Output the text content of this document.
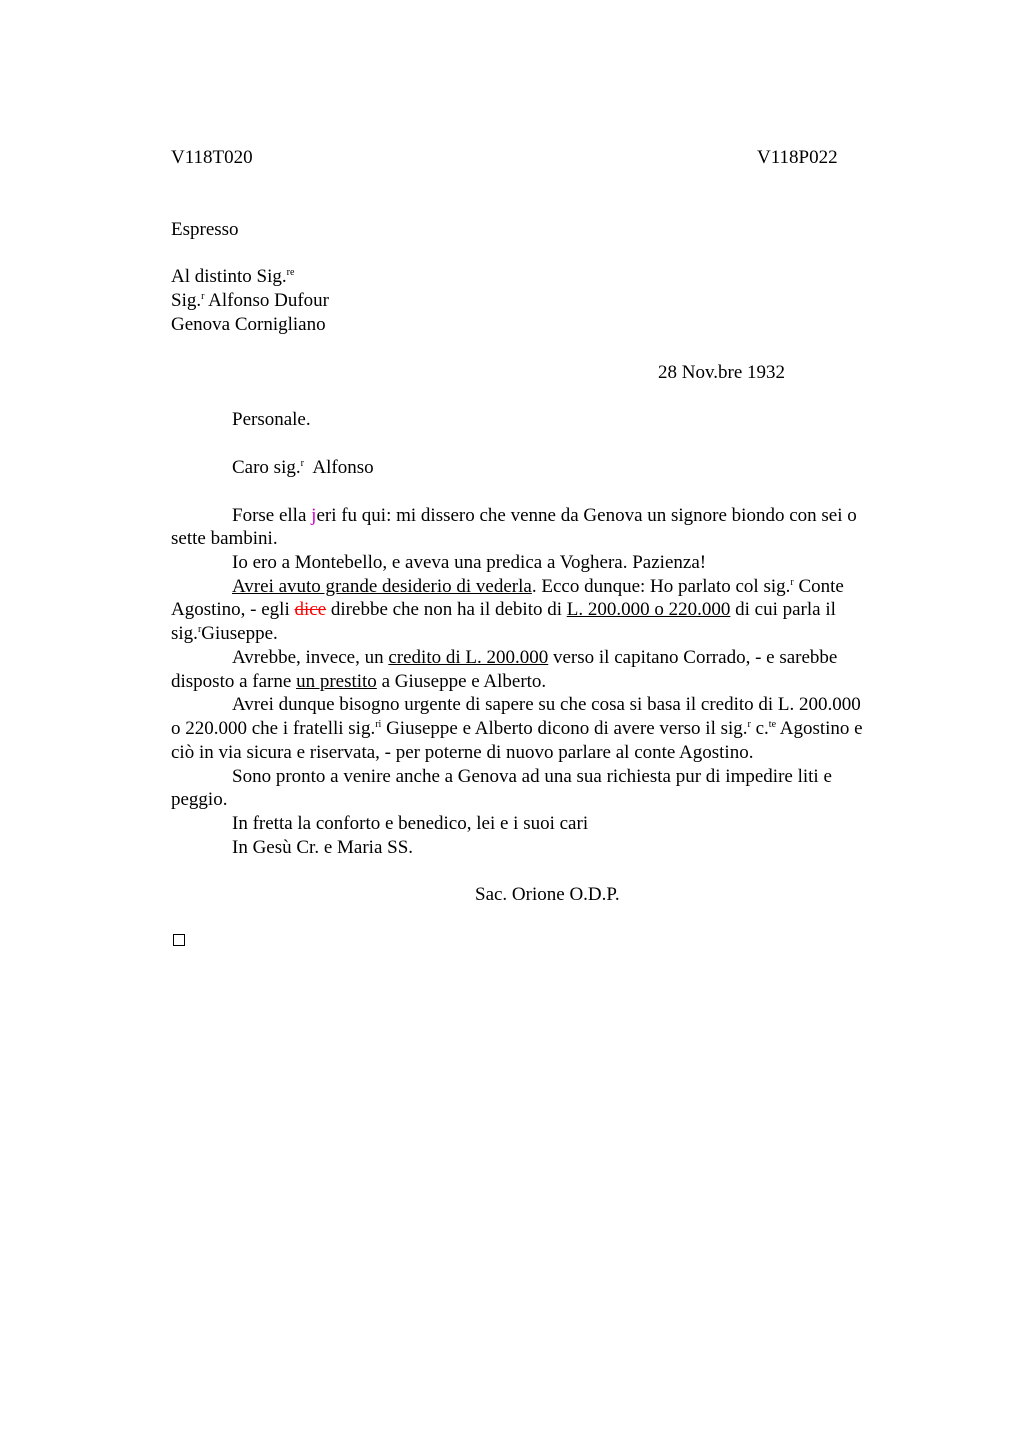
V118T020	V118P022
Espresso
Al distinto Sig.$^{re}$
Sig.$^r$ Alfonso Dufour
Genova Cornigliano
28 Nov.bre 1932
Personale.
Caro sig.$^r$  Alfonso
Forse ella jeri fu qui: mi dissero che venne da Genova un signore biondo con sei o
sette bambini.
Io ero a Montebello, e aveva una predica a Voghera. Pazienza!
Avrei avuto grande desiderio di vederla. Ecco dunque: Ho parlato col sig.$^r$ Conte
Agostino, - egli dice direbbe che non ha il debito di L. 200.000 o 220.000 di cui parla il
sig.$^r$Giuseppe.
Avrebbe, invece, un credito di L. 200.000 verso il capitano Corrado, - e sarebbe
disposto a farne un prestito a Giuseppe e Alberto.
Avrei dunque bisogno urgente di sapere su che cosa si basa il credito di L. 200.000
o 220.000 che i fratelli sig.$^{ri}$ Giuseppe e Alberto dicono di avere verso il sig.$^r$ c.$^{te}$ Agostino e
ciò in via sicura e riservata, - per poterne di nuovo parlare al conte Agostino.
Sono pronto a venire anche a Genova ad una sua richiesta pur di impedire liti e
peggio.
In fretta la conforto e benedico, lei e i suoi cari
In Gesù Cr. e Maria SS.
Sac. Orione O.D.P.
